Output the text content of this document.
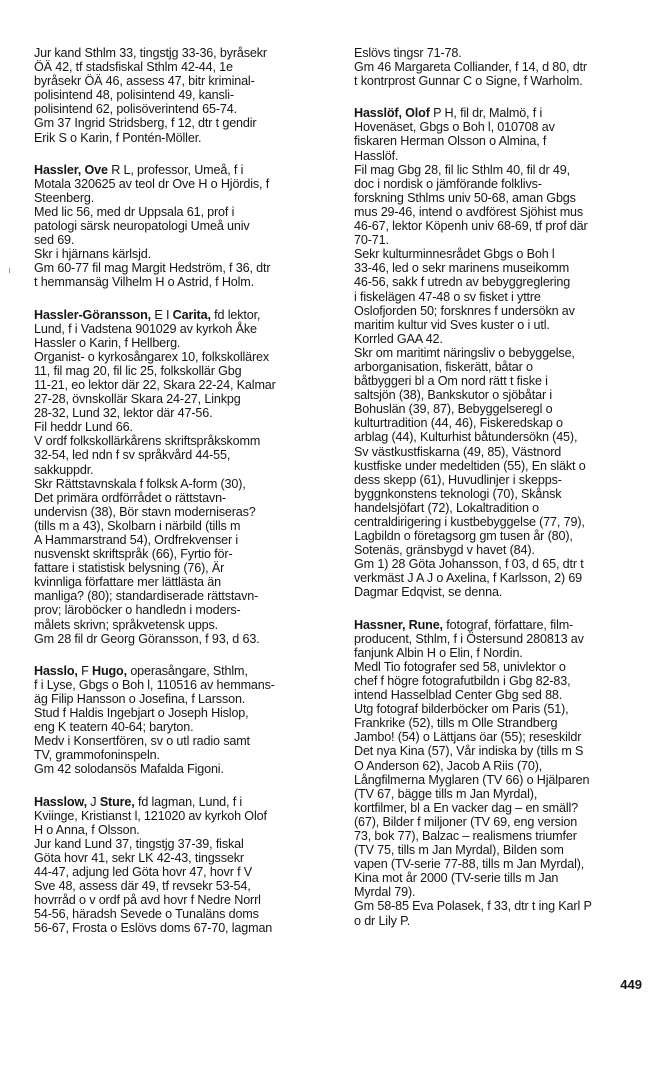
Jur kand Sthlm 33, tingstjg 33-36, byråsekr
ÖÄ 42, tf stadsfiskal Sthlm 42-44, 1e
byråsekr ÖÄ 46, assess 47, bitr kriminal-
polisintend 48, polisintend 49, kansli-
polisintend 62, polisöverintend 65-74.
Gm 37 Ingrid Stridsberg, f 12, dtr t gendir
Erik S o Karin, f Pontén-Möller.
Hassler, Ove R L, professor, Umeå, f i
Motala 320625 av teol dr Ove H o Hjördis, f
Steenberg.
Med lic 56, med dr Uppsala 61, prof i
patologi särsk neuropatologi Umeå univ
sed 69.
Skr i hjärnans kärlsjd.
Gm 60-77 fil mag Margit Hedström, f 36, dtr
t hemmansäg Vilhelm H o Astrid, f Holm.
Hassler-Göransson, E I Carita, fd lektor,
Lund, f i Vadstena 901029 av kyrkoh Åke
Hassler o Karin, f Hellberg.
Organist- o kyrkosångarex 10, folkskollärex
11, fil mag 20, fil lic 25, folkskollär Gbg
11-21, eo lektor där 22, Skara 22-24, Kalmar
27-28, övnskollär Skara 24-27, Linkpg
28-32, Lund 32, lektor där 47-56.
Fil heddr Lund 66.
V ordf folkskollärkårens skriftspråkskomm
32-54, led ndn f sv språkvård 44-55,
sakkuppdr.
Skr Rättstavnskala f folksk A-form (30),
Det primära ordförrådet o rättstavn-
undervisn (38), Bör stavn moderniseras?
(tills m a 43), Skolbarn i närbild (tills m
A Hammarstrand 54), Ordfrekvenser i
nusvenskt skriftspråk (66), Fyrtio för-
fattare i statistisk belysning (76), Är
kvinnliga författare mer lättlästa än
manliga? (80); standardiserade rättstavn-
prov; läroböcker o handledn i moders-
målets skrivn; språkvetensk upps.
Gm 28 fil dr Georg Göransson, f 93, d 63.
Hasslo, F Hugo, operasångare, Sthlm,
f i Lyse, Gbgs o Boh l, 110516 av hemmans-
äg Filip Hansson o Josefina, f Larsson.
Stud f Haldis Ingebjart o Joseph Hislop,
eng K teatern 40-64; baryton.
Medv i Konsertfören, sv o utl radio samt
TV, grammofoninspeln.
Gm 42 solodansös Mafalda Figoni.
Hasslow, J Sture, fd lagman, Lund, f i
Kviinge, Kristianst l, 121020 av kyrkoh Olof
H o Anna, f Olsson.
Jur kand Lund 37, tingstjg 37-39, fiskal
Göta hovr 41, sekr LK 42-43, tingssekr
44-47, adjung led Göta hovr 47, hovr f V
Sve 48, assess där 49, tf revsekr 53-54,
hovrråd o v ordf på avd hovr f Nedre Norrl
54-56, häradsh Sevede o Tunaläns doms
56-67, Frosta o Eslövs doms 67-70, lagman
Eslövs tingsr 71-78.
Gm 46 Margareta Colliander, f 14, d 80, dtr
t kontrprost Gunnar C o Signe, f Warholm.
Hasslöf, Olof P H, fil dr, Malmö, f i
Hovenäset, Gbgs o Boh l, 010708 av
fiskaren Herman Olsson o Almina, f
Hasslöf.
Fil mag Gbg 28, fil lic Sthlm 40, fil dr 49,
doc i nordisk o jämförande folklivs-
forskning Sthlms univ 50-68, aman Gbgs
mus 29-46, intend o avdförest Sjöhist mus
46-67, lektor Köpenh univ 68-69, tf prof där
70-71.
Sekr kulturminnesrådet Gbgs o Boh l
33-46, led o sekr marinens museikomm
46-56, sakk f utredn av bebyggreglering
i fiskelägen 47-48 o sv fisket i yttre
Oslofjorden 50; forsknres f undersökn av
maritim kultur vid Sves kuster o i utl.
Korrled GAA 42.
Skr om maritimt näringsliv o bebyggelse,
arborganisation, fiskerätt, båtar o
båtbyggeri bl a Om nord rätt t fiske i
saltsjön (38), Bankskutor o sjöbåtar i
Bohuslän (39, 87), Bebyggelseregl o
kulturtradition (44, 46), Fiskeredskap o
arblag (44), Kulturhist båtundersökn (45),
Sv västkustfiskarna (49, 85), Västnord
kustfiske under medeltiden (55), En släkt o
dess skepp (61), Huvudlinjer i skepps-
byggnkonstens teknologi (70), Skånsk
handelsjöfart (72), Lokaltradition o
centraldirigering i kustbebyggelse (77, 79),
Lagbildn o företagsorg gm tusen år (80),
Sotenäs, gränsbygd v havet (84).
Gm 1) 28 Göta Johansson, f 03, d 65, dtr t
verkmäst J A J o Axelina, f Karlsson, 2) 69
Dagmar Edqvist, se denna.
Hassner, Rune, fotograf, författare, film-
producent, Sthlm, f i Östersund 280813 av
fanjunk Albin H o Elin, f Nordin.
Medl Tio fotografer sed 58, univlektor o
chef f högre fotografutbildn i Gbg 82-83,
intend Hasselblad Center Gbg sed 88.
Utg fotograf bilderböcker om Paris (51),
Frankrike (52), tills m Olle Strandberg
Jambo! (54) o Lättjans öar (55); reseskildr
Det nya Kina (57), Vår indiska by (tills m S
O Anderson 62), Jacob A Riis (70),
Långfilmerna Myglaren (TV 66) o Hjälparen
(TV 67, bägge tills m Jan Myrdal),
kortfilmer, bl a En vacker dag – en smäll?
(67), Bilder f miljoner (TV 69, eng version
73, bok 77), Balzac – realismens triumfer
(TV 75, tills m Jan Myrdal), Bilden som
vapen (TV-serie 77-88, tills m Jan Myrdal),
Kina mot år 2000 (TV-serie tills m Jan
Myrdal 79).
Gm 58-85 Eva Polasek, f 33, dtr t ing Karl P
o dr Lily P.
449
